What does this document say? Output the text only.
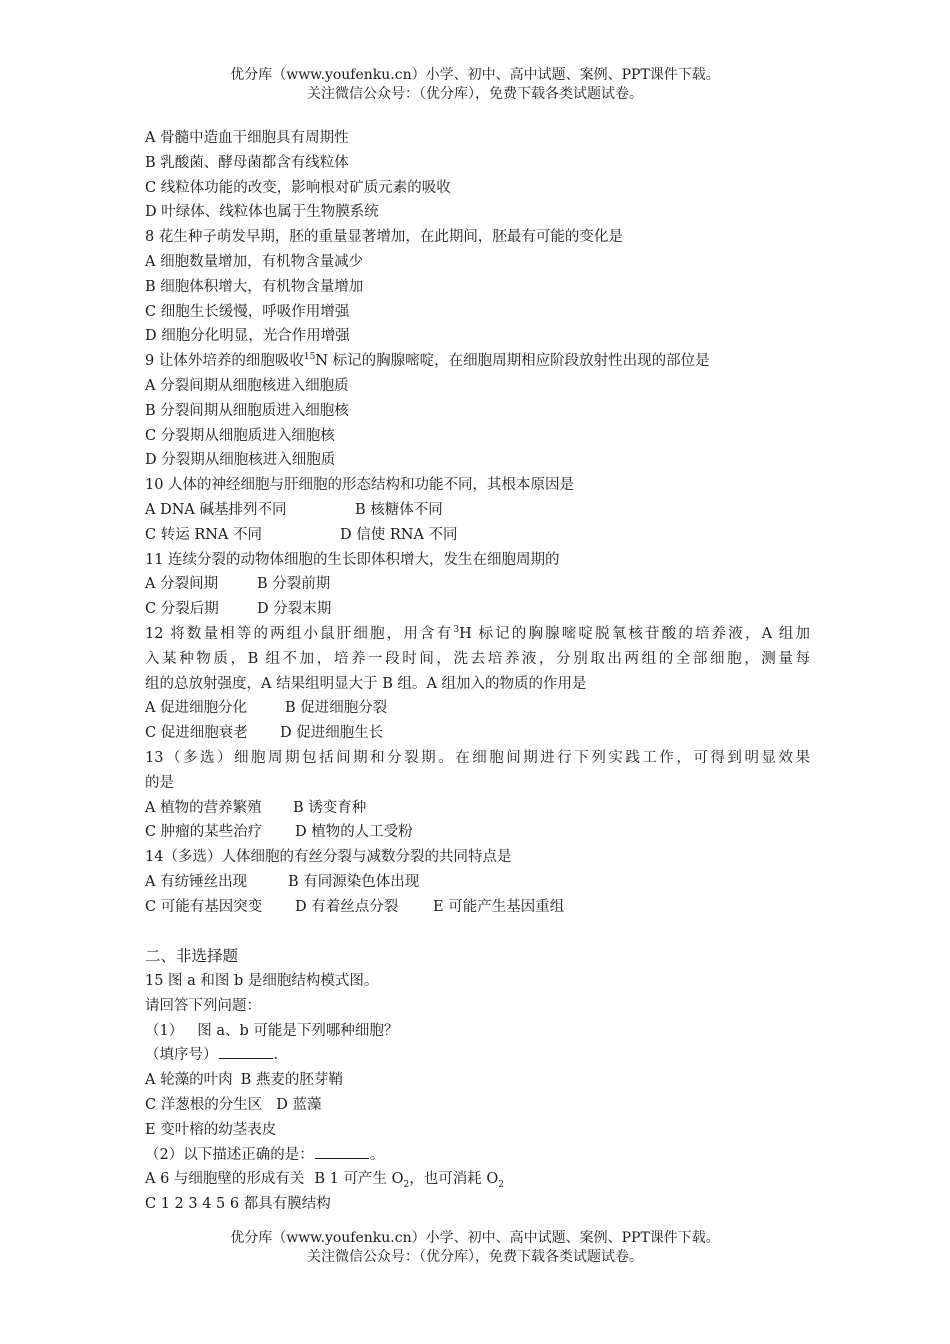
优分库（www.youfenku.cn）小学、初中、高中试题、案例、PPT课件下载。
关注微信公众号：（优分库），免费下载各类试题试卷。
A 骨髓中造血干细胞具有周期性
B 乳酸菌、酵母菌都含有线粒体
C 线粒体功能的改变，影响根对矿质元素的吸收
D 叶绿体、线粒体也属于生物膜系统
8 花生种子萌发早期，胚的重量显著增加，在此期间，胚最有可能的变化是
A 细胞数量增加，有机物含量减少
B 细胞体积增大，有机物含量增加
C 细胞生长缓慢，呼吸作用增强
D 细胞分化明显，光合作用增强
9 让体外培养的细胞吸收$^{15}$N 标记的胸腺嘧啶，在细胞周期相应阶段放射性出现的部位是
A 分裂间期从细胞核进入细胞质
B 分裂间期从细胞质进入细胞核
C 分裂期从细胞质进入细胞核
D 分裂期从细胞核进入细胞质
10 人体的神经细胞与肝细胞的形态结构和功能不同，其根本原因是
A DNA 碱基排列不同	B 核糖体不同
C 转运 RNA 不同	D 信使 RNA 不同
11 连续分裂的动物体细胞的生长即体积增大，发生在细胞周期的
A 分裂间期	B 分裂前期
C 分裂后期	D 分裂末期
12 将数量相等的两组小鼠肝细胞，用含有$^3$H 标记的胸腺嘧啶脱氧核苷酸的培养液，A 组加
入某种物质，B 组不加，培养一段时间，洗去培养液，分别取出两组的全部细胞，测量每
组的总放射强度，A 结果组明显大于 B 组。A 组加入的物质的作用是
A 促进细胞分化	B 促进细胞分裂
C 促进细胞衰老 D 促进细胞生长
13（多选）细胞周期包括间期和分裂期。在细胞间期进行下列实践工作，可得到明显效果
的是
A 植物的营养繁殖 B 诱变育种
C 肿瘤的某些治疗 D 植物的人工受粉
14（多选）人体细胞的有丝分裂与减数分裂的共同特点是
A 有纺锤丝出现	B 有同源染色体出现
C 可能有基因突变 D 有着丝点分裂 E 可能产生基因重组
二、非选择题
15 图 a 和图 b 是细胞结构模式图。
请回答下列问题：
（1） 图 a、b 可能是下列哪种细胞？
（填序号）	.
A 轮藻的叶肉 B 燕麦的胚芽鞘
C 洋葱根的分生区 D 蓝藻
E 变叶榕的幼茎表皮
（2）以下描述正确的是：	。
A 6 与细胞壁的形成有关 B 1 可产生 $O_2$，也可消耗 $O_2$
C 1 2 3 4 5 6 都具有膜结构
优分库（www.youfenku.cn）小学、初中、高中试题、案例、PPT课件下载。
关注微信公众号：（优分库），免费下载各类试题试卷。
